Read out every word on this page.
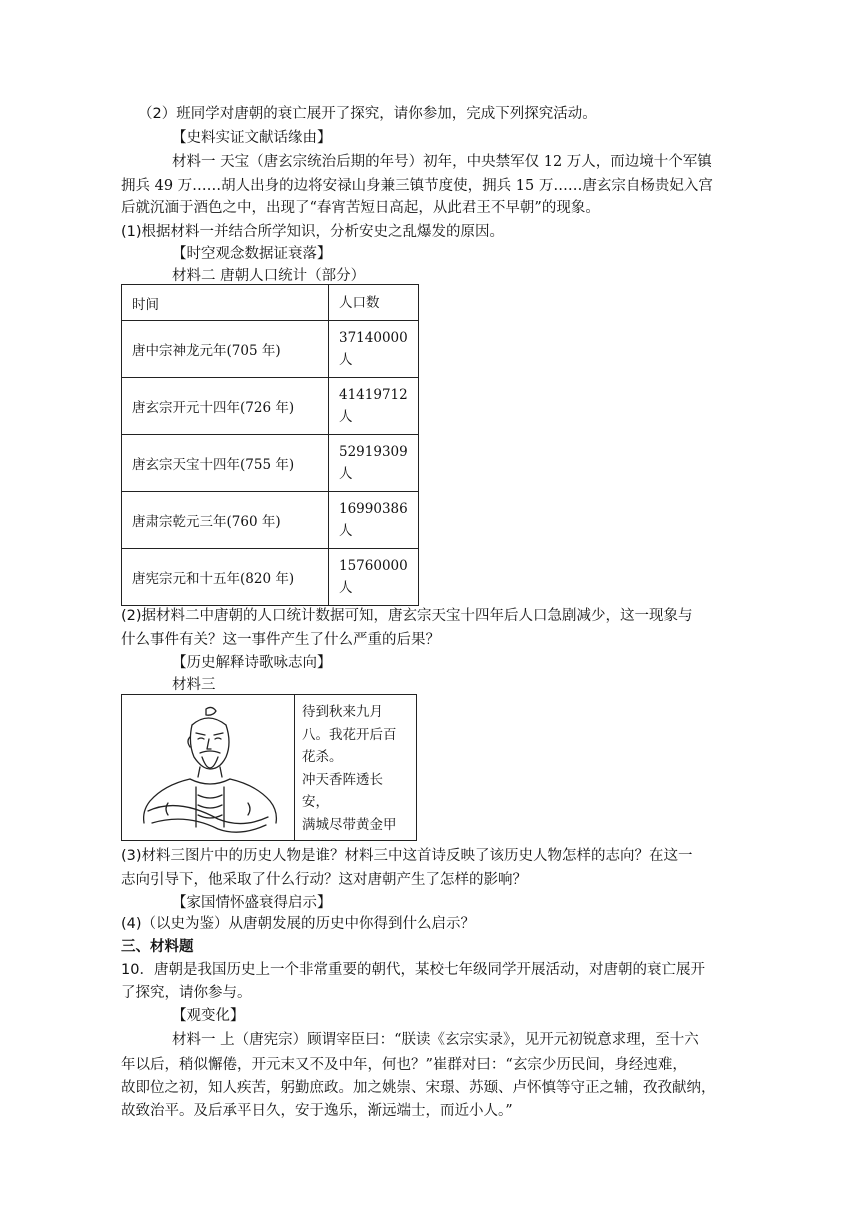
（2）班同学对唐朝的衰亡展开了探究，请你参加，完成下列探究活动。
【史料实证文献话缘由】
材料一 天宝（唐玄宗统治后期的年号）初年，中央禁军仅 12 万人，而边境十个军镇
拥兵 49 万……胡人出身的边将安禄山身兼三镇节度使，拥兵 15 万……唐玄宗自杨贵妃入宫
后就沉湎于酒色之中，出现了“春宵苦短日高起，从此君王不早朝”的现象。
(1)根据材料一并结合所学知识，分析安史之乱爆发的原因。
【时空观念数据证衰落】
材料二 唐朝人口统计（部分）
时间	人口数
唐中宗神龙元年(705 年)	37140000
人
唐玄宗开元十四年(726 年)	41419712
人
唐玄宗天宝十四年(755 年)	52919309
人
唐肃宗乾元三年(760 年)	16990386
人
唐宪宗元和十五年(820 年)	15760000
人
(2)据材料二中唐朝的人口统计数据可知，唐玄宗天宝十四年后人口急剧减少，这一现象与
什么事件有关？这一事件产生了什么严重的后果？
【历史解释诗歌咏志向】
材料三
待到秋来九月
八。我花开后百
花杀。
冲天香阵透长
安，
满城尽带黄金甲
(3)材料三图片中的历史人物是谁？材料三中这首诗反映了该历史人物怎样的志向？在这一
志向引导下，他采取了什么行动？这对唐朝产生了怎样的影响？
【家国情怀盛衰得启示】
(4)（以史为鉴）从唐朝发展的历史中你得到什么启示？
三、材料题
10．唐朝是我国历史上一个非常重要的朝代，某校七年级同学开展活动，对唐朝的衰亡展开
了探究，请你参与。
【观变化】
材料一 上（唐宪宗）顾谓宰臣曰：“朕读《玄宗实录》，见开元初锐意求理，至十六
年以后，稍似懈倦，开元末又不及中年，何也？”崔群对曰：“玄宗少历民间，身经迍难，
故即位之初，知人疾苦，躬勤庶政。加之姚崇、宋璟、苏颋、卢怀慎等守正之辅，孜孜献纳，
故致治平。及后承平日久，安于逸乐，渐远端士，而近小人。”
